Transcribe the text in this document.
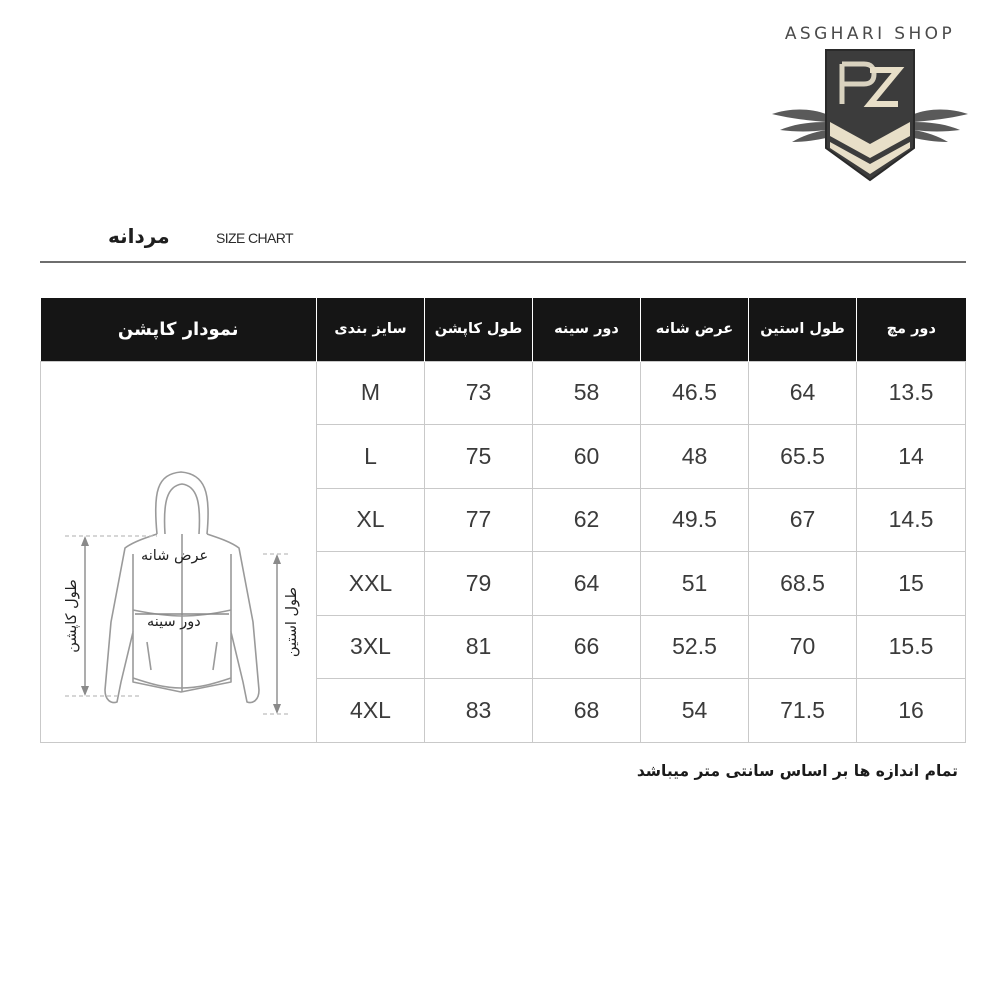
ASGHARI SHOP
مردانه	SIZE CHART
نمودار کاپشن	سایز بندی	طول کاپشن	دور سینه	عرض شانه	طول استین	دور مچ

عرض شانه
دور سینه
طول کاپشن طول استین	M	73	58	46.5	64	13.5
	L	75	60	48	65.5	14
	XL	77	62	49.5	67	14.5
	XXL	79	64	51	68.5	15
	3XL	81	66	52.5	70	15.5
	4XL	83	68	54	71.5	16
تمام اندازه ها بر اساس سانتی متر میباشد
